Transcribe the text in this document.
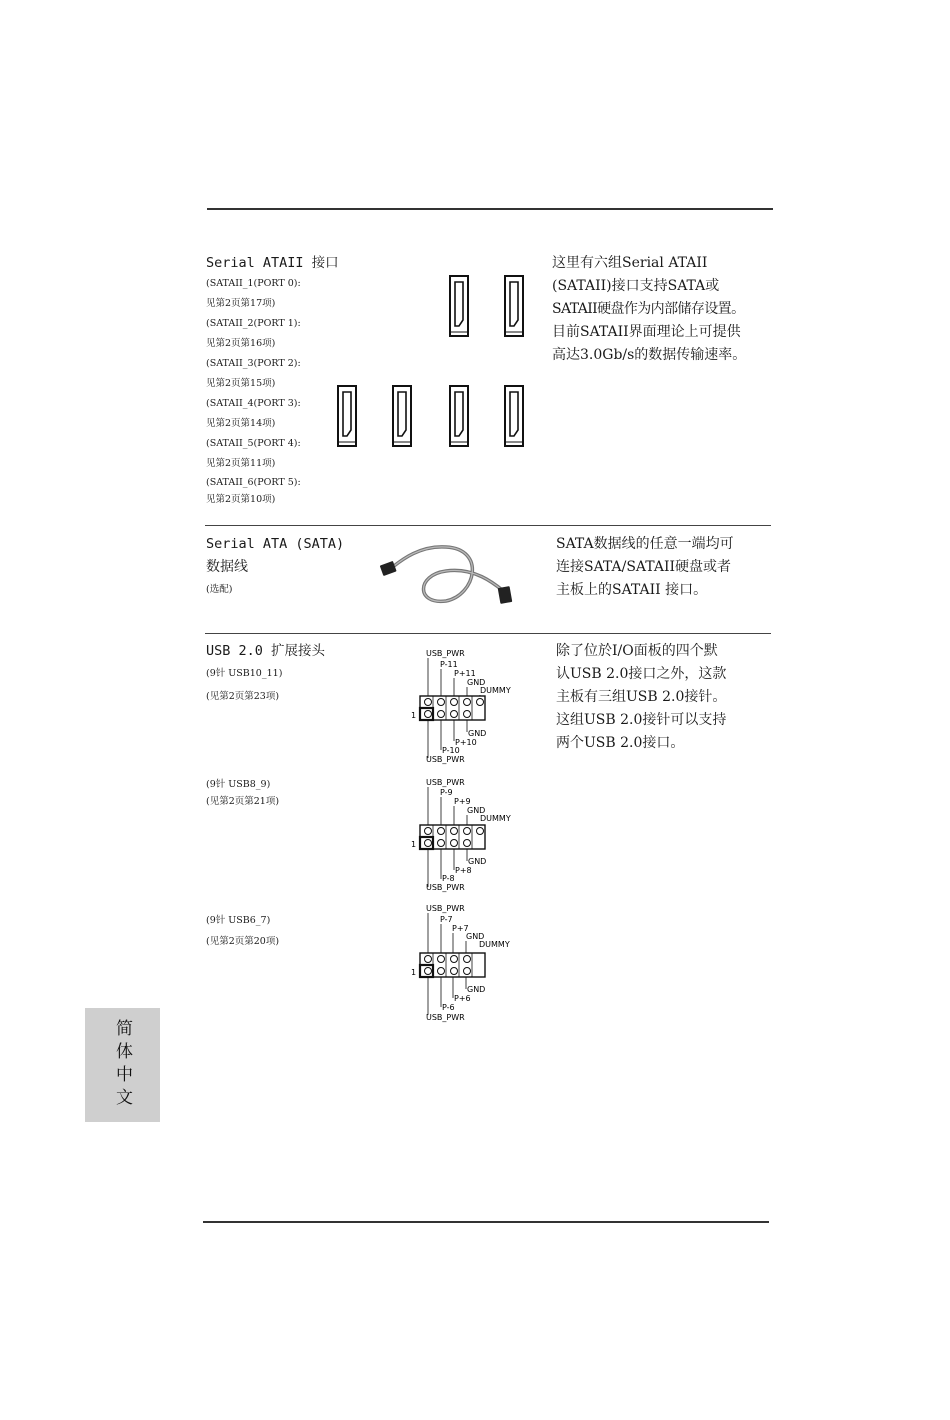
Serial ATAII 接口
(SATAII_1(PORT 0):
见第2页第17项)
(SATAII_2(PORT 1):
见第2页第16项)
(SATAII_3(PORT 2):
见第2页第15项)
(SATAII_4(PORT 3):
见第2页第14项)
(SATAII_5(PORT 4):
见第2页第11项)
(SATAII_6(PORT 5):
见第2页第10项)
这里有六组Serial ATAII
(SATAII)接口支持SATA或
SATAII硬盘作为内部储存设置。
目前SATAII界面理论上可提供
高达3.0Gb/s的数据传输速率。
Serial ATA (SATA)
数据线
(选配)
SATA数据线的任意一端均可
连接SATA/SATAII硬盘或者
主板上的SATAII 接口。
USB 2.0 扩展接头
(9针 USB10_11)
(见第2页第23项)
(9针 USB8_9)
(见第2页第21项)
(9针 USB6_7)
(见第2页第20项)
USB_PWR
P-11
P+11
GND
DUMMY
1
GND
P+10
P-10
USB_PWR
USB_PWR
P-9
P+9
GND
DUMMY
1
GND
P+8
P-8
USB_PWR
USB_PWR
P-7
P+7
GND
DUMMY
1
GND
P+6
P-6
USB_PWR
除了位於I/O面板的四个默
认USB 2.0接口之外，这款
主板有三组USB 2.0接针。
这组USB 2.0接针可以支持
两个USB 2.0接口。
简体中文
